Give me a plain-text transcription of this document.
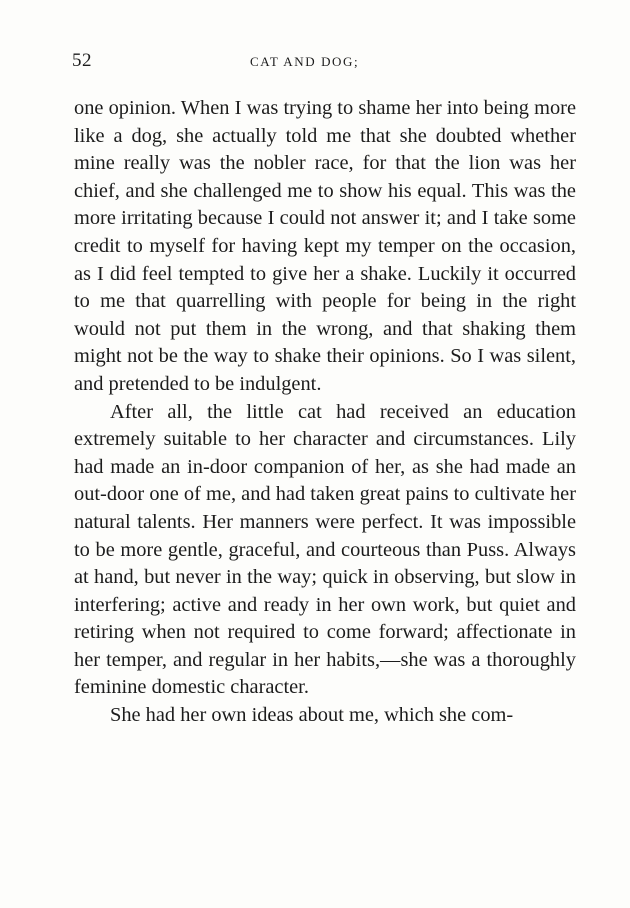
52	CAT AND DOG;

one opinion. When I was trying to shame her into being more like a dog, she actually told me that she doubted whether mine really was the nobler race, for that the lion was her chief, and she challenged me to show his equal. This was the more irritating because I could not answer it; and I take some credit to myself for having kept my temper on the occasion, as I did feel tempted to give her a shake. Luckily it occurred to me that quarrelling with people for being in the right would not put them in the wrong, and that shaking them might not be the way to shake their opinions. So I was silent, and pretended to be indulgent.

After all, the little cat had received an education extremely suitable to her character and circumstances. Lily had made an in-door companion of her, as she had made an out-door one of me, and had taken great pains to cultivate her natural talents. Her manners were perfect. It was impossible to be more gentle, graceful, and courteous than Puss. Always at hand, but never in the way; quick in observing, but slow in interfering; active and ready in her own work, but quiet and retiring when not required to come forward; affectionate in her temper, and regular in her habits,—she was a thoroughly feminine domestic character.

She had her own ideas about me, which she com-
